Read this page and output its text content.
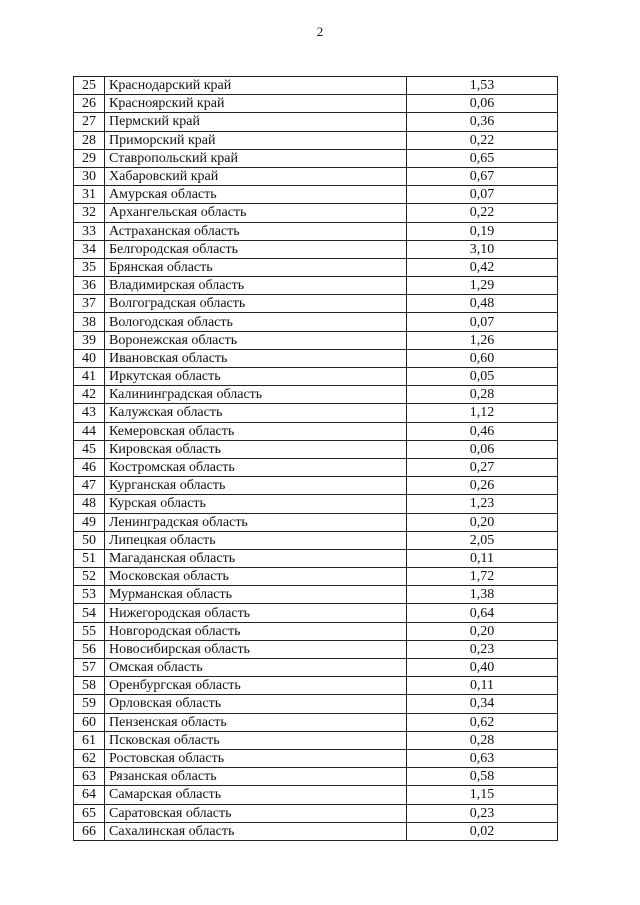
2
25	Краснодарский край	1,53
26	Красноярский край	0,06
27	Пермский край	0,36
28	Приморский край	0,22
29	Ставропольский край	0,65
30	Хабаровский край	0,67
31	Амурская область	0,07
32	Архангельская область	0,22
33	Астраханская область	0,19
34	Белгородская область	3,10
35	Брянская область	0,42
36	Владимирская область	1,29
37	Волгоградская область	0,48
38	Вологодская область	0,07
39	Воронежская область	1,26
40	Ивановская область	0,60
41	Иркутская область	0,05
42	Калининградская область	0,28
43	Калужская область	1,12
44	Кемеровская область	0,46
45	Кировская область	0,06
46	Костромская область	0,27
47	Курганская область	0,26
48	Курская область	1,23
49	Ленинградская область	0,20
50	Липецкая область	2,05
51	Магаданская область	0,11
52	Московская область	1,72
53	Мурманская область	1,38
54	Нижегородская область	0,64
55	Новгородская область	0,20
56	Новосибирская область	0,23
57	Омская область	0,40
58	Оренбургская область	0,11
59	Орловская область	0,34
60	Пензенская область	0,62
61	Псковская область	0,28
62	Ростовская область	0,63
63	Рязанская область	0,58
64	Самарская область	1,15
65	Саратовская область	0,23
66	Сахалинская область	0,02
